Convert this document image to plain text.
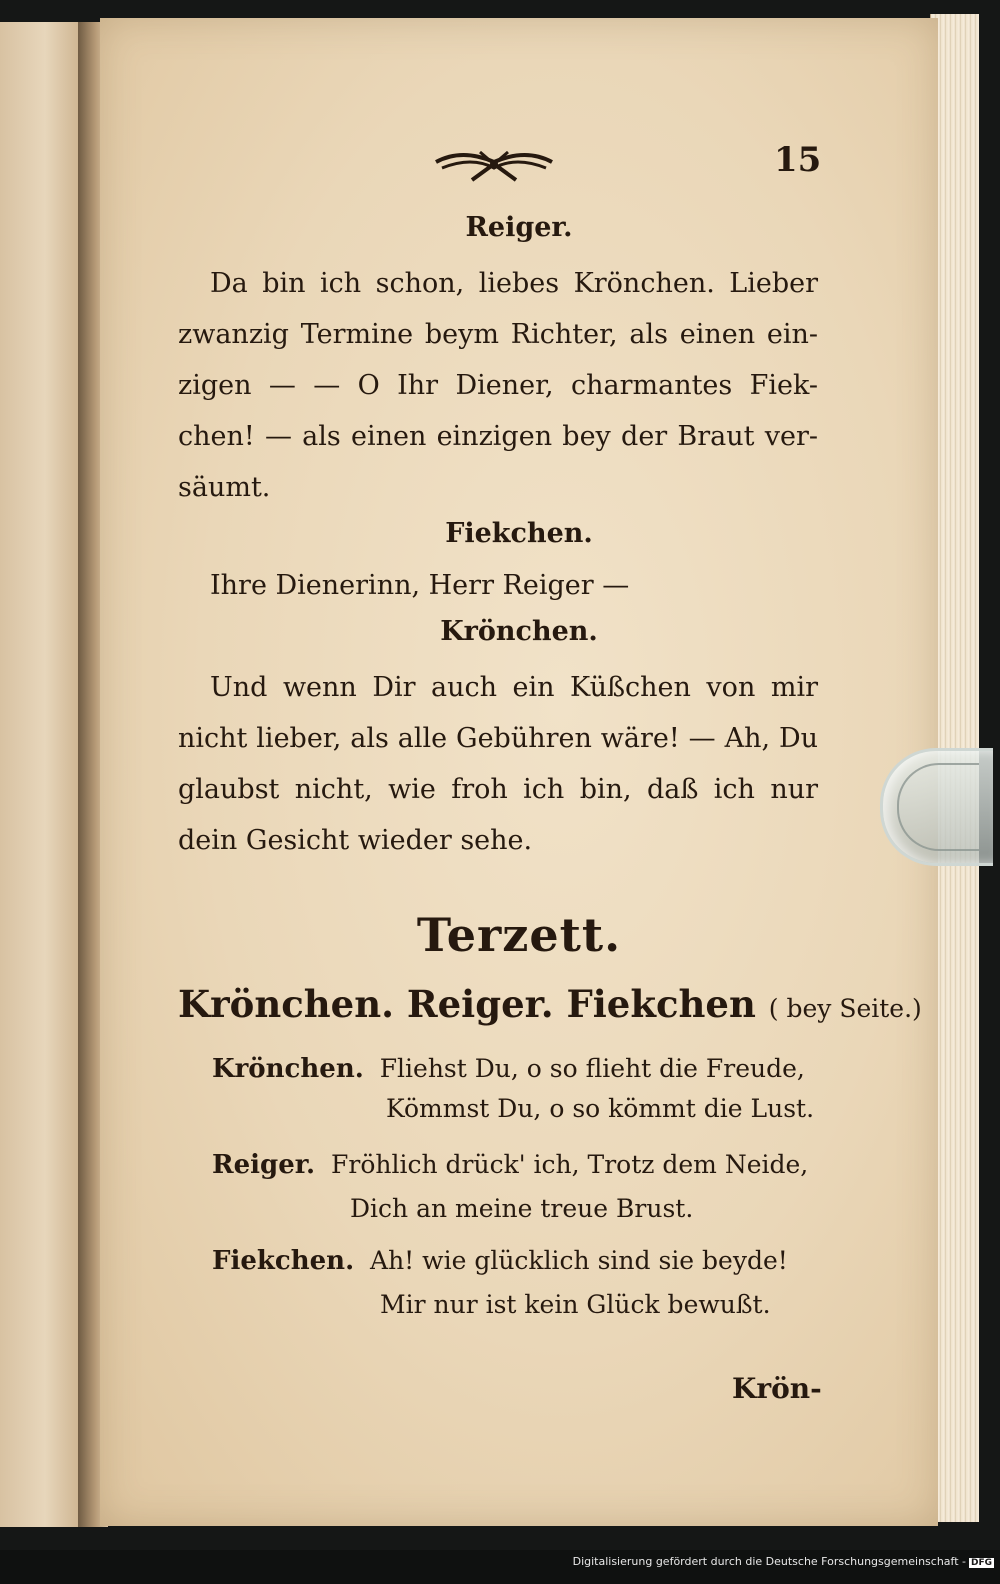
15
Reiger.

Da bin ich schon, liebes Krönchen. Lieber zwanzig Termine beym Richter, als einen ein-zigen — — O Ihr Diener, charmantes Fiek-chen! — als einen einzigen bey der Braut ver-säumt.

Fiekchen.

Ihre Dienerinn, Herr Reiger —

Krönchen.

Und wenn Dir auch ein Küßchen von mir nicht lieber, als alle Gebühren wäre! — Ah, Du glaubst nicht, wie froh ich bin, daß ich nur dein Gesicht wieder sehe.

Terzett.
Krönchen. Reiger. Fiekchen ( bey Seite.)
Krönchen. Fliehst Du, o so flieht die Freude,
Kömmst Du, o so kömmt die Lust.
Reiger. Fröhlich drück' ich, Trotz dem Neide,
Dich an meine treue Brust.
Fiekchen. Ah! wie glücklich sind sie beyde!
Mir nur ist kein Glück bewußt.
Krön-
Digitalisierung gefördert durch die Deutsche Forschungsgemeinschaft - DFG
